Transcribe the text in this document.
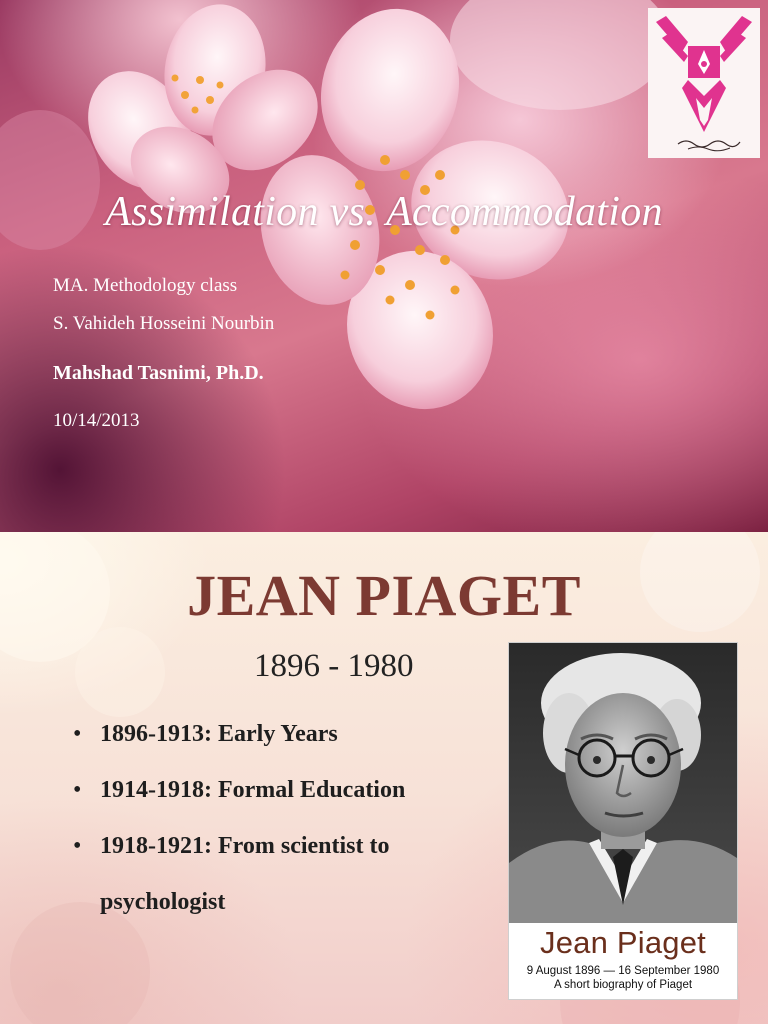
Assimilation vs. Accommodation
MA. Methodology class
S. Vahideh Hosseini Nourbin
Mahshad Tasnimi, Ph.D.
10/14/2013
JEAN PIAGET
1896 - 1980
• 1896-1913: Early Years
• 1914-1918: Formal Education
• 1918-1921: From scientist to
psychologist
Jean Piaget
9 August 1896 — 16 September 1980
A short biography of Piaget
